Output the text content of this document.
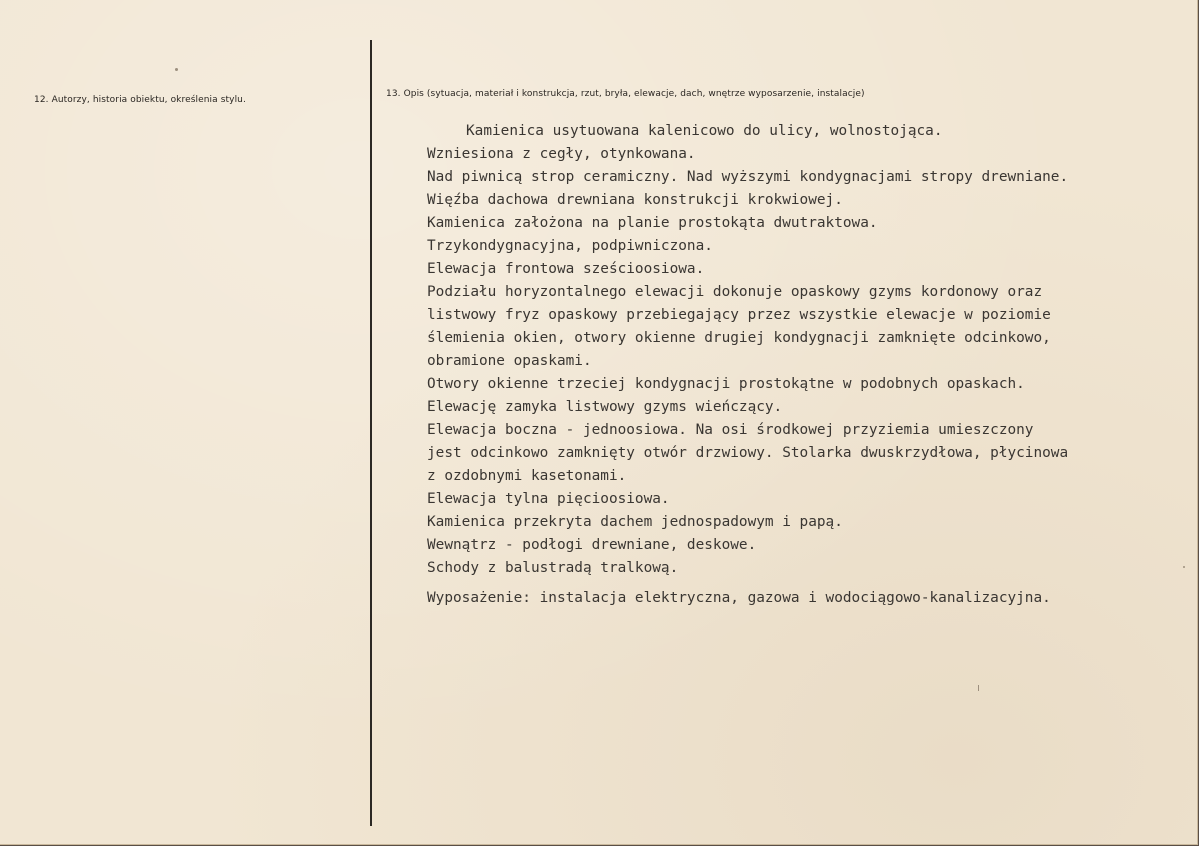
12. Autorzy, historia obiektu, określenia stylu.
13. Opis (sytuacja, materiał i konstrukcja, rzut, bryła, elewacje, dach, wnętrze wyposarzenie, instalacje)
Kamienica usytuowana kalenicowo do ulicy, wolnostojąca.
Wzniesiona z cegły, otynkowana.
Nad piwnicą strop ceramiczny. Nad wyższymi kondygnacjami stropy drewniane.
Więźba dachowa drewniana konstrukcji krokwiowej.
Kamienica założona na planie prostokąta dwutraktowa.
Trzykondygnacyjna, podpiwniczona.
Elewacja frontowa sześcioosiowa.
Podziału horyzontalnego elewacji dokonuje opaskowy gzyms kordonowy oraz
listwowy fryz opaskowy przebiegający przez wszystkie elewacje w poziomie
ślemienia okien, otwory okienne drugiej kondygnacji zamknięte odcinkowo,
obramione opaskami.
Otwory okienne trzeciej kondygnacji prostokątne w podobnych opaskach.
Elewację zamyka listwowy gzyms wieńczący.
Elewacja boczna - jednoosiowa. Na osi środkowej przyziemia umieszczony
jest odcinkowo zamknięty otwór drzwiowy. Stolarka dwuskrzydłowa, płycinowa
z ozdobnymi kasetonami.
Elewacja tylna pięcioosiowa.
Kamienica przekryta dachem jednospadowym i papą.
Wewnątrz - podłogi drewniane, deskowe.
Schody z balustradą tralkową.
Wyposażenie: instalacja elektryczna, gazowa i wodociągowo-kanalizacyjna.
